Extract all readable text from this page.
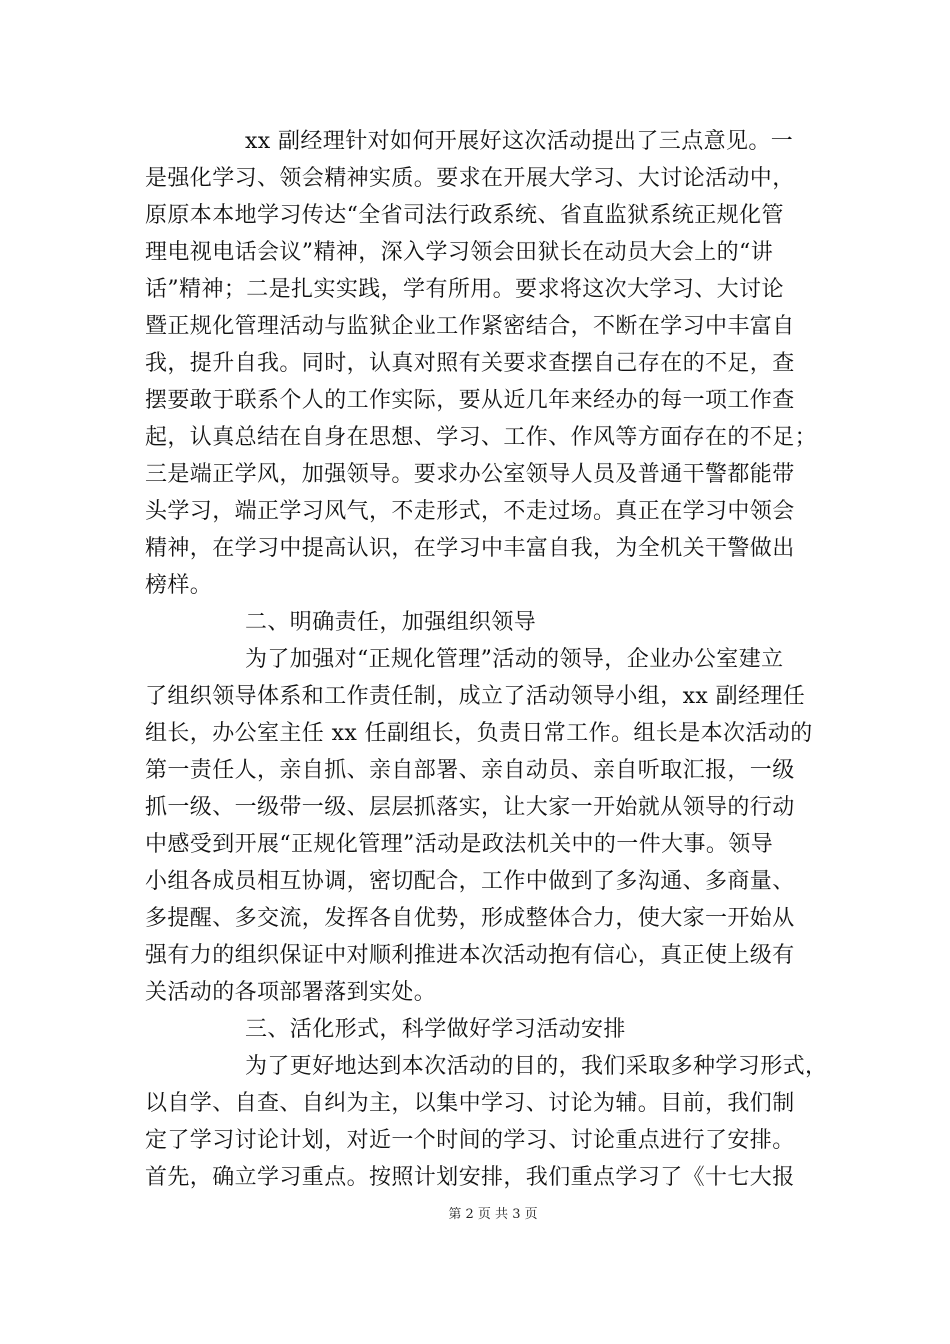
xx 副经理针对如何开展好这次活动提出了三点意见。一
是强化学习、领会精神实质。要求在开展大学习、大讨论活动中，
原原本本地学习传达“全省司法行政系统、省直监狱系统正规化管
理电视电话会议”精神，深入学习领会田狱长在动员大会上的“讲
话”精神；二是扎实实践，学有所用。要求将这次大学习、大讨论
暨正规化管理活动与监狱企业工作紧密结合，不断在学习中丰富自
我，提升自我。同时，认真对照有关要求查摆自己存在的不足，查
摆要敢于联系个人的工作实际，要从近几年来经办的每一项工作查
起，认真总结在自身在思想、学习、工作、作风等方面存在的不足；
三是端正学风，加强领导。要求办公室领导人员及普通干警都能带
头学习，端正学习风气，不走形式，不走过场。真正在学习中领会
精神，在学习中提高认识，在学习中丰富自我，为全机关干警做出
榜样。
二、明确责任，加强组织领导
为了加强对“正规化管理”活动的领导，企业办公室建立
了组织领导体系和工作责任制，成立了活动领导小组，xx 副经理任
组长，办公室主任 xx 任副组长，负责日常工作。组长是本次活动的
第一责任人，亲自抓、亲自部署、亲自动员、亲自听取汇报，一级
抓一级、一级带一级、层层抓落实，让大家一开始就从领导的行动
中感受到开展“正规化管理”活动是政法机关中的一件大事。领导
小组各成员相互协调，密切配合，工作中做到了多沟通、多商量、
多提醒、多交流，发挥各自优势，形成整体合力，使大家一开始从
强有力的组织保证中对顺利推进本次活动抱有信心，真正使上级有
关活动的各项部署落到实处。
三、活化形式，科学做好学习活动安排
为了更好地达到本次活动的目的，我们采取多种学习形式，
以自学、自查、自纠为主，以集中学习、讨论为辅。目前，我们制
定了学习讨论计划，对近一个时间的学习、讨论重点进行了安排。
首先，确立学习重点。按照计划安排，我们重点学习了《十七大报
第 2 页 共 3 页
